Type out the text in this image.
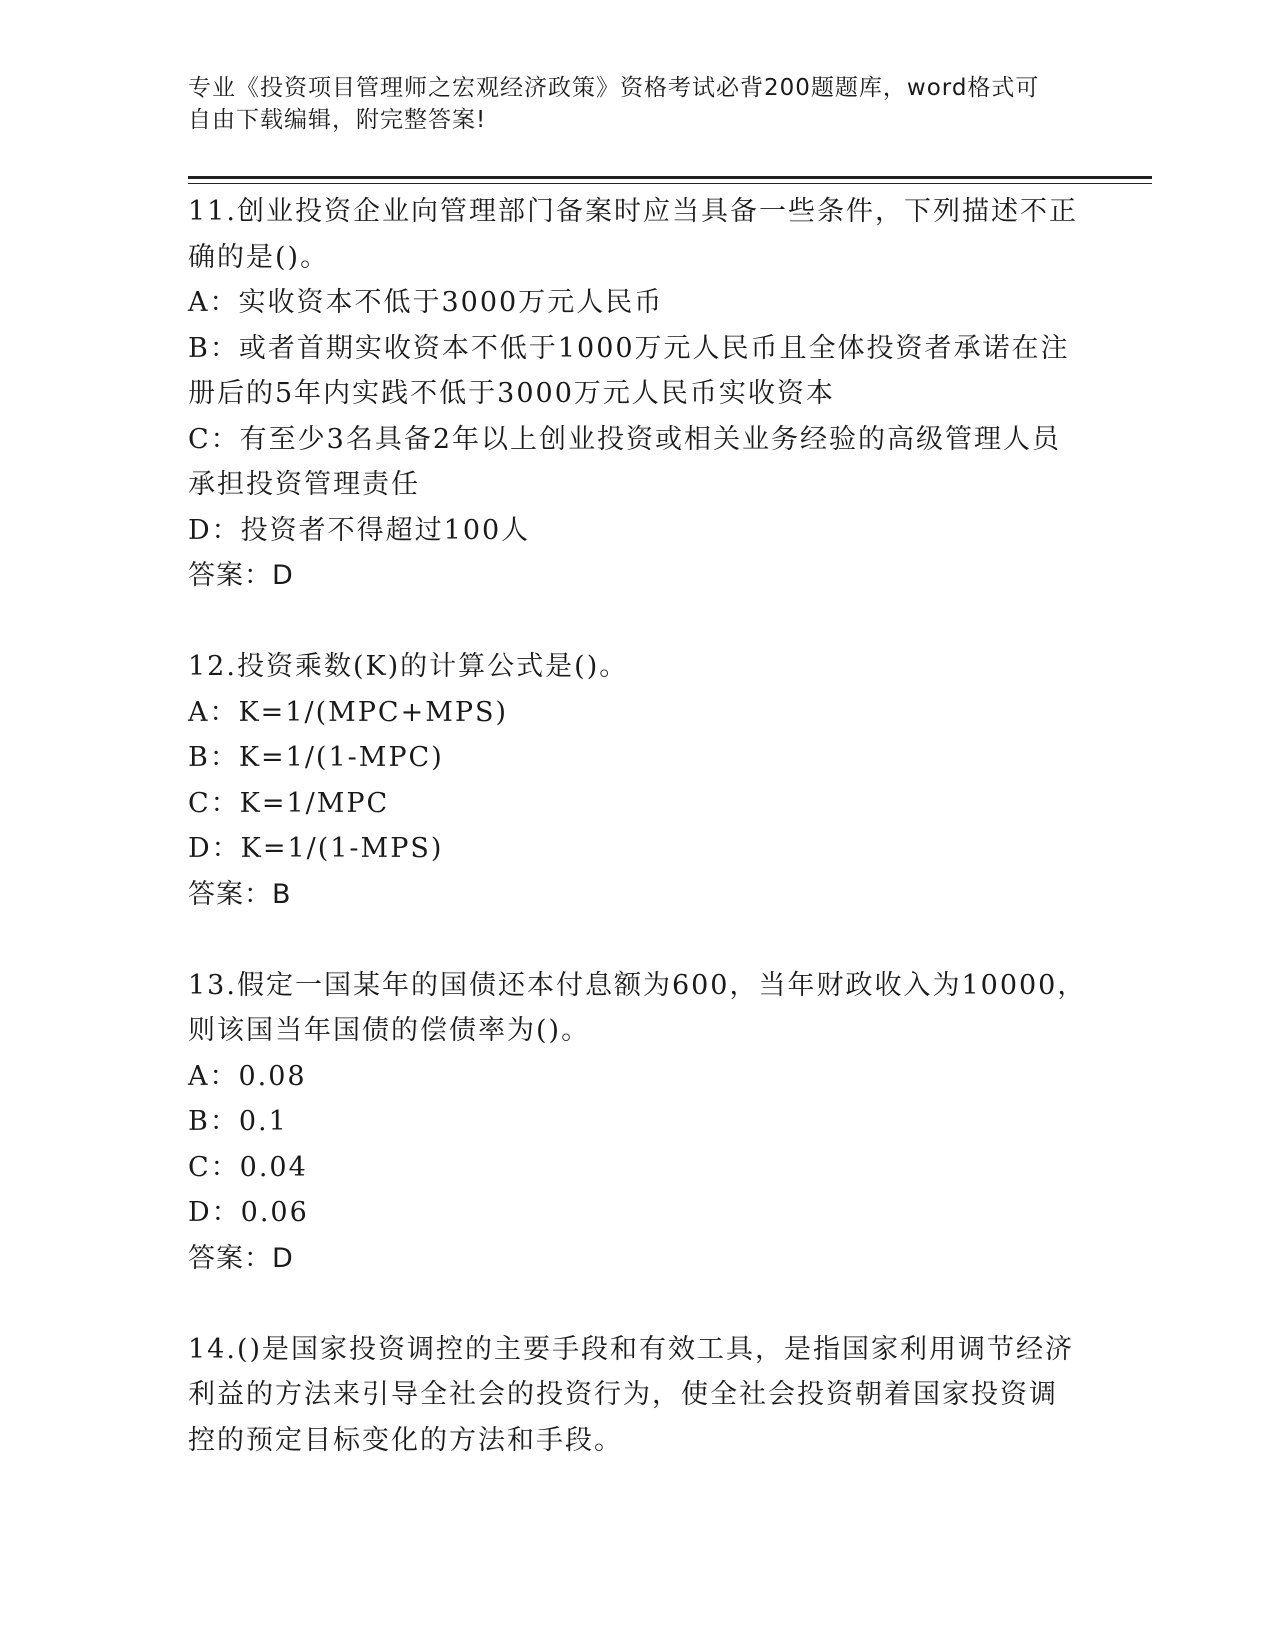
专业《投资项目管理师之宏观经济政策》资格考试必背200题题库，word格式可
自由下载编辑，附完整答案!
11.创业投资企业向管理部门备案时应当具备一些条件，下列描述不正
确的是()。
A：实收资本不低于3000万元人民币
B：或者首期实收资本不低于1000万元人民币且全体投资者承诺在注
册后的5年内实践不低于3000万元人民币实收资本
C：有至少3名具备2年以上创业投资或相关业务经验的高级管理人员
承担投资管理责任
D：投资者不得超过100人
答案：D
12.投资乘数(K)的计算公式是()。
A：K=1/(MPC+MPS)
B：K=1/(1-MPC)
C：K=1/MPC
D：K=1/(1-MPS)
答案：B
13.假定一国某年的国债还本付息额为600，当年财政收入为10000，
则该国当年国债的偿债率为()。
A：0.08
B：0.1
C：0.04
D：0.06
答案：D
14.()是国家投资调控的主要手段和有效工具，是指国家利用调节经济
利益的方法来引导全社会的投资行为，使全社会投资朝着国家投资调
控的预定目标变化的方法和手段。
